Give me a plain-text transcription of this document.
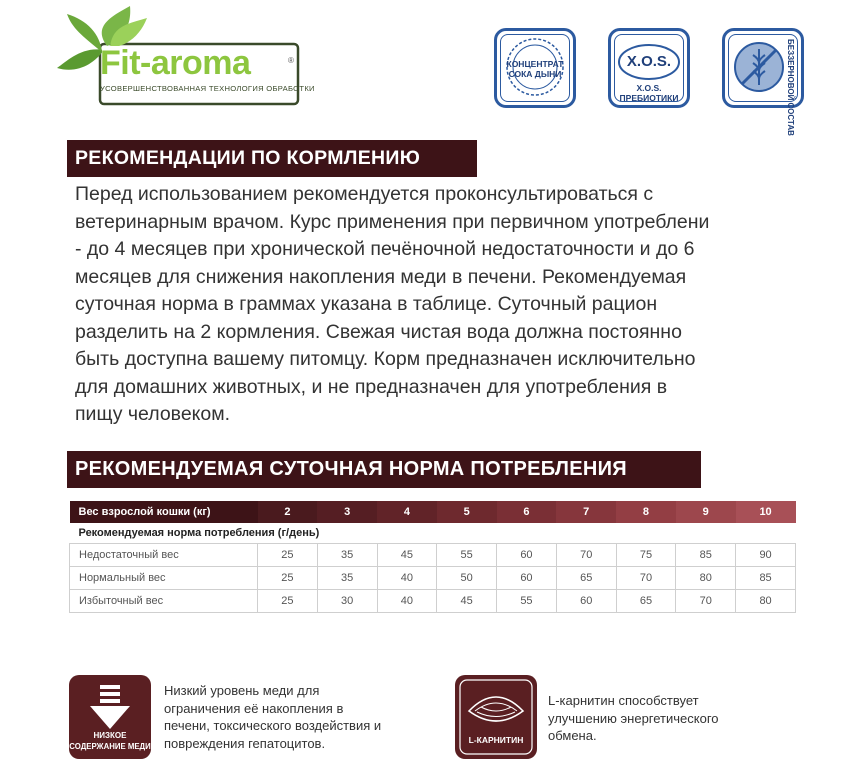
Fit-aroma	®
УСОВЕРШЕНСТВОВАННАЯ ТЕХНОЛОГИЯ ОБРАБОТКИ
КОНЦЕНТРАТ
СОКА ДЫНИ
X.O.S.
X.O.S.
ПРЕБИОТИКИ	БЕЗЗЕРНОВОЙ СОСТАВ
РЕКОМЕНДАЦИИ ПО КОРМЛЕНИЮ
Перед использованием рекомендуется проконсультироваться с
ветеринарным врачом. Курс применения при первичном употреблени
- до 4 месяцев при хронической печёночной недостаточности и до 6
месяцев для снижения накопления меди в печени. Рекомендуемая
суточная норма в граммах указана в таблице. Суточный рацион
разделить на 2 кормления. Свежая чистая вода должна постоянно
быть доступна вашему питомцу. Корм предназначен исключительно
для домашних животных, и не предназначен для употребления в
пищу человеком.
РЕКОМЕНДУЕМАЯ СУТОЧНАЯ НОРМА ПОТРЕБЛЕНИЯ
Вес взрослой кошки (кг)	2	3	4	5	6	7	8	9	10
Рекомендуемая норма потребления (г/день)									
Недостаточный вес	25	35	45	55	60	70	75	85	90
Нормальный вес	25	35	40	50	60	65	70	80	85
Избыточный вес	25	30	40	45	55	60	65	70	80
НИЗКОЕ
СОДЕРЖАНИЕ МЕДИ
Низкий уровень меди для
ограничения её накопления в
печени, токсического воздействия и
повреждения гепатоцитов.	L-КАРНИТИН
L-карнитин способствует
улучшению энергетического
обмена.
